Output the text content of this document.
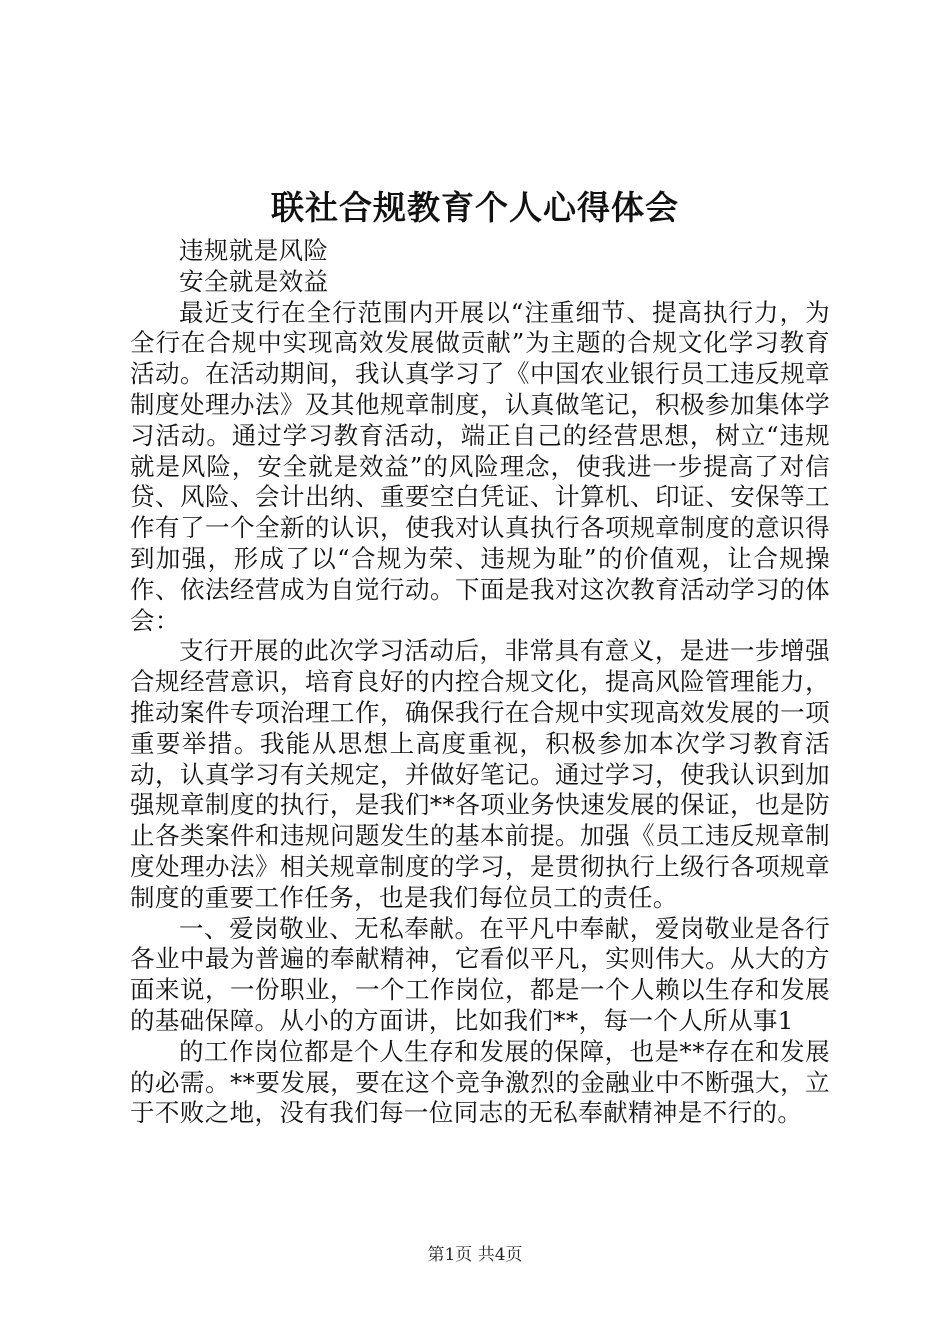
联社合规教育个人心得体会

违规就是风险

安全就是效益

最近支行在全行范围内开展以“注重细节、提高执行力，为全行在合规中实现高效发展做贡献”为主题的合规文化学习教育活动。在活动期间，我认真学习了《中国农业银行员工违反规章制度处理办法》及其他规章制度，认真做笔记，积极参加集体学习活动。通过学习教育活动，端正自己的经营思想，树立“违规就是风险，安全就是效益”的风险理念，使我进一步提高了对信贷、风险、会计出纳、重要空白凭证、计算机、印证、安保等工作有了一个全新的认识，使我对认真执行各项规章制度的意识得到加强，形成了以“合规为荣、违规为耻”的价值观，让合规操作、依法经营成为自觉行动。下面是我对这次教育活动学习的体会：

支行开展的此次学习活动后，非常具有意义，是进一步增强合规经营意识，培育良好的内控合规文化，提高风险管理能力，推动案件专项治理工作，确保我行在合规中实现高效发展的一项重要举措。我能从思想上高度重视，积极参加本次学习教育活动，认真学习有关规定，并做好笔记。通过学习，使我认识到加强规章制度的执行，是我们**各项业务快速发展的保证，也是防止各类案件和违规问题发生的基本前提。加强《员工违反规章制度处理办法》相关规章制度的学习，是贯彻执行上级行各项规章制度的重要工作任务，也是我们每位员工的责任。

一、爱岗敬业、无私奉献。在平凡中奉献，爱岗敬业是各行各业中最为普遍的奉献精神，它看似平凡，实则伟大。从大的方面来说，一份职业，一个工作岗位，都是一个人赖以生存和发展的基础保障。从小的方面讲，比如我们**，每一个人所从事1

的工作岗位都是个人生存和发展的保障，也是**存在和发展的必需。**要发展，要在这个竞争激烈的金融业中不断强大，立于不败之地，没有我们每一位同志的无私奉献精神是不行的。

第1页 共4页
